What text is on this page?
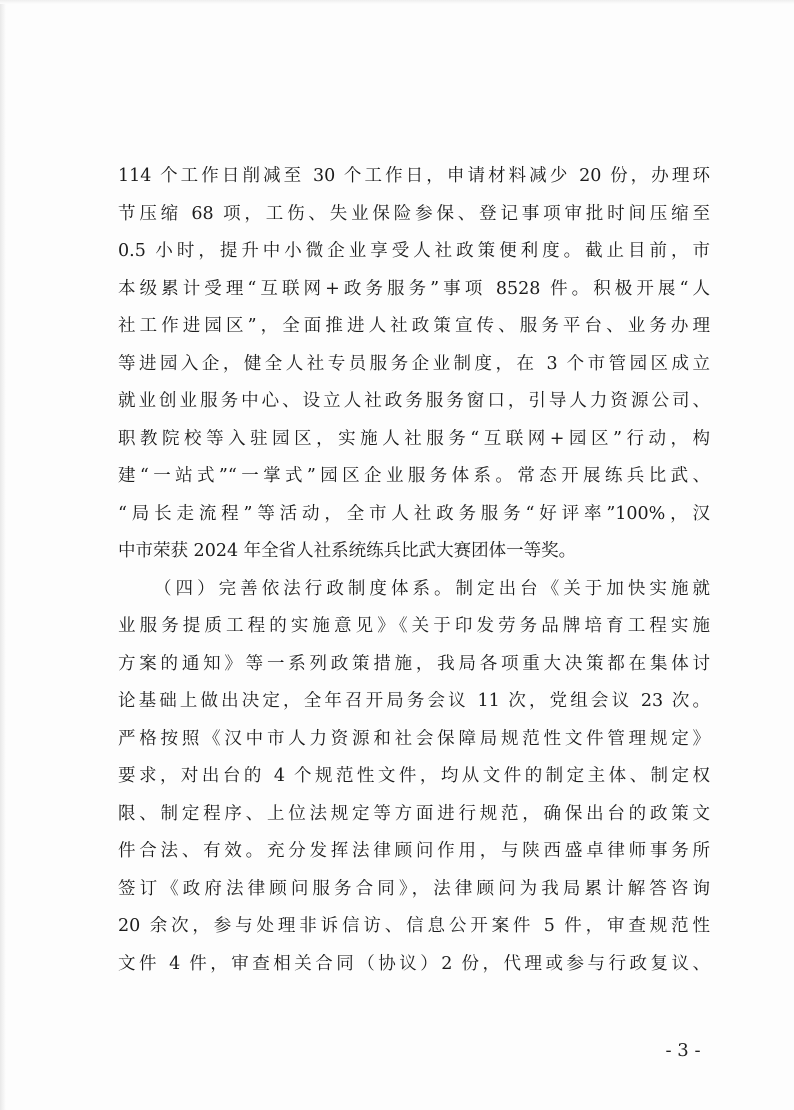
114 个工作日削减至 30 个工作日，申请材料减少 20 份，办理环
节压缩 68 项，工伤、失业保险参保、登记事项审批时间压缩至
0.5 小时，提升中小微企业享受人社政策便利度。截止目前，市
本级累计受理“互联网+政务服务”事项 8528 件。积极开展“人
社工作进园区”，全面推进人社政策宣传、服务平台、业务办理
等进园入企，健全人社专员服务企业制度，在 3 个市管园区成立
就业创业服务中心、设立人社政务服务窗口，引导人力资源公司、
职教院校等入驻园区，实施人社服务“互联网+园区”行动，构
建“一站式”“一掌式”园区企业服务体系。常态开展练兵比武、
“局长走流程”等活动，全市人社政务服务“好评率”100%，汉
中市荣获 2024 年全省人社系统练兵比武大赛团体一等奖。
（四）完善依法行政制度体系。制定出台《关于加快实施就
业服务提质工程的实施意见》《关于印发劳务品牌培育工程实施
方案的通知》等一系列政策措施，我局各项重大决策都在集体讨
论基础上做出决定，全年召开局务会议 11 次，党组会议 23 次。
严格按照《汉中市人力资源和社会保障局规范性文件管理规定》
要求，对出台的 4 个规范性文件，均从文件的制定主体、制定权
限、制定程序、上位法规定等方面进行规范，确保出台的政策文
件合法、有效。充分发挥法律顾问作用，与陕西盛卓律师事务所
签订《政府法律顾问服务合同》，法律顾问为我局累计解答咨询
20 余次，参与处理非诉信访、信息公开案件 5 件，审查规范性
文件 4 件，审查相关合同（协议）2 份，代理或参与行政复议、
- 3 -
